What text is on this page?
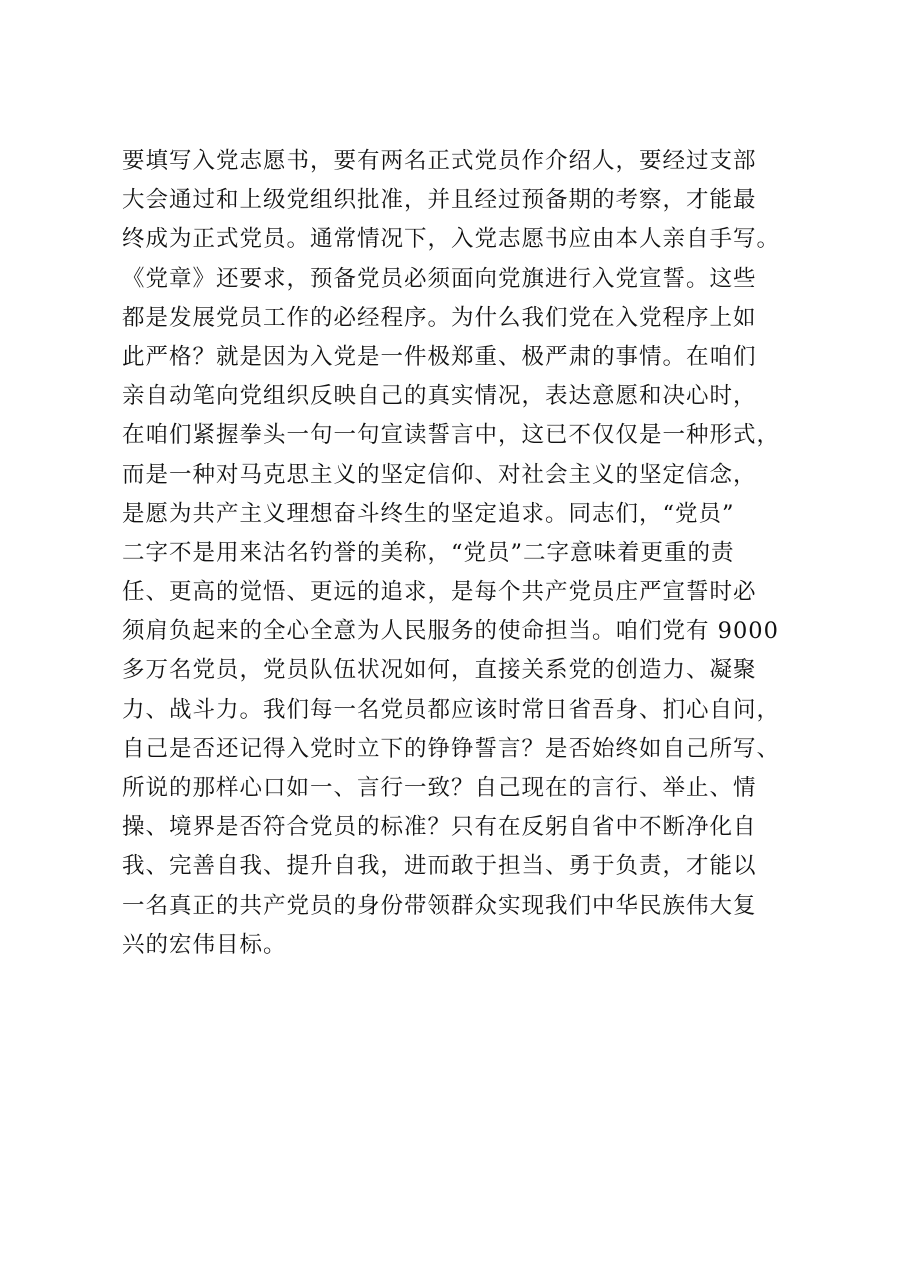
要填写入党志愿书，要有两名正式党员作介绍人，要经过支部
大会通过和上级党组织批准，并且经过预备期的考察，才能最
终成为正式党员。通常情况下，入党志愿书应由本人亲自手写。
《党章》还要求，预备党员必须面向党旗进行入党宣誓。这些
都是发展党员工作的必经程序。为什么我们党在入党程序上如
此严格？就是因为入党是一件极郑重、极严肃的事情。在咱们
亲自动笔向党组织反映自己的真实情况，表达意愿和决心时，
在咱们紧握拳头一句一句宣读誓言中，这已不仅仅是一种形式，
而是一种对马克思主义的坚定信仰、对社会主义的坚定信念，
是愿为共产主义理想奋斗终生的坚定追求。同志们，“党员”
二字不是用来沽名钓誉的美称，“党员”二字意味着更重的责
任、更高的觉悟、更远的追求，是每个共产党员庄严宣誓时必
须肩负起来的全心全意为人民服务的使命担当。咱们党有 9000
多万名党员，党员队伍状况如何，直接关系党的创造力、凝聚
力、战斗力。我们每一名党员都应该时常日省吾身、扪心自问，
自己是否还记得入党时立下的铮铮誓言？是否始终如自己所写、
所说的那样心口如一、言行一致？自己现在的言行、举止、情
操、境界是否符合党员的标准？只有在反躬自省中不断净化自
我、完善自我、提升自我，进而敢于担当、勇于负责，才能以
一名真正的共产党员的身份带领群众实现我们中华民族伟大复
兴的宏伟目标。
